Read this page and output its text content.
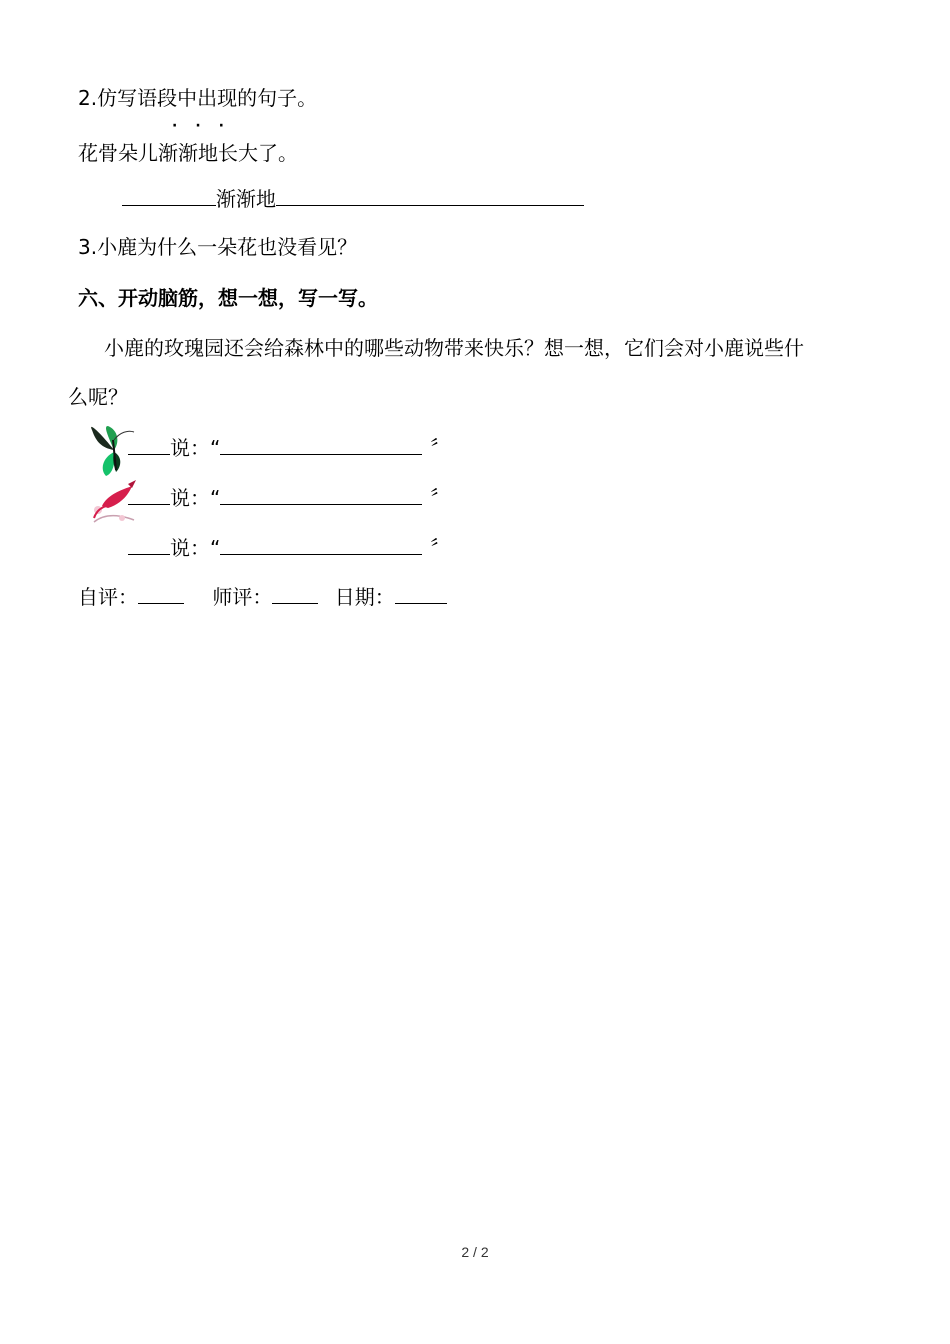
2.仿写语段中出现的句子。
···
花骨朵儿渐渐地长大了。
渐渐地
3.小鹿为什么一朵花也没看见？
六、开动脑筋，想一想，写一写。
小鹿的玫瑰园还会给森林中的哪些动物带来快乐？想一想，它们会对小鹿说些什
么呢？
说：“	〞
说：“	〞
说：“	〞
自评：	师评：	日期：
2 / 2
